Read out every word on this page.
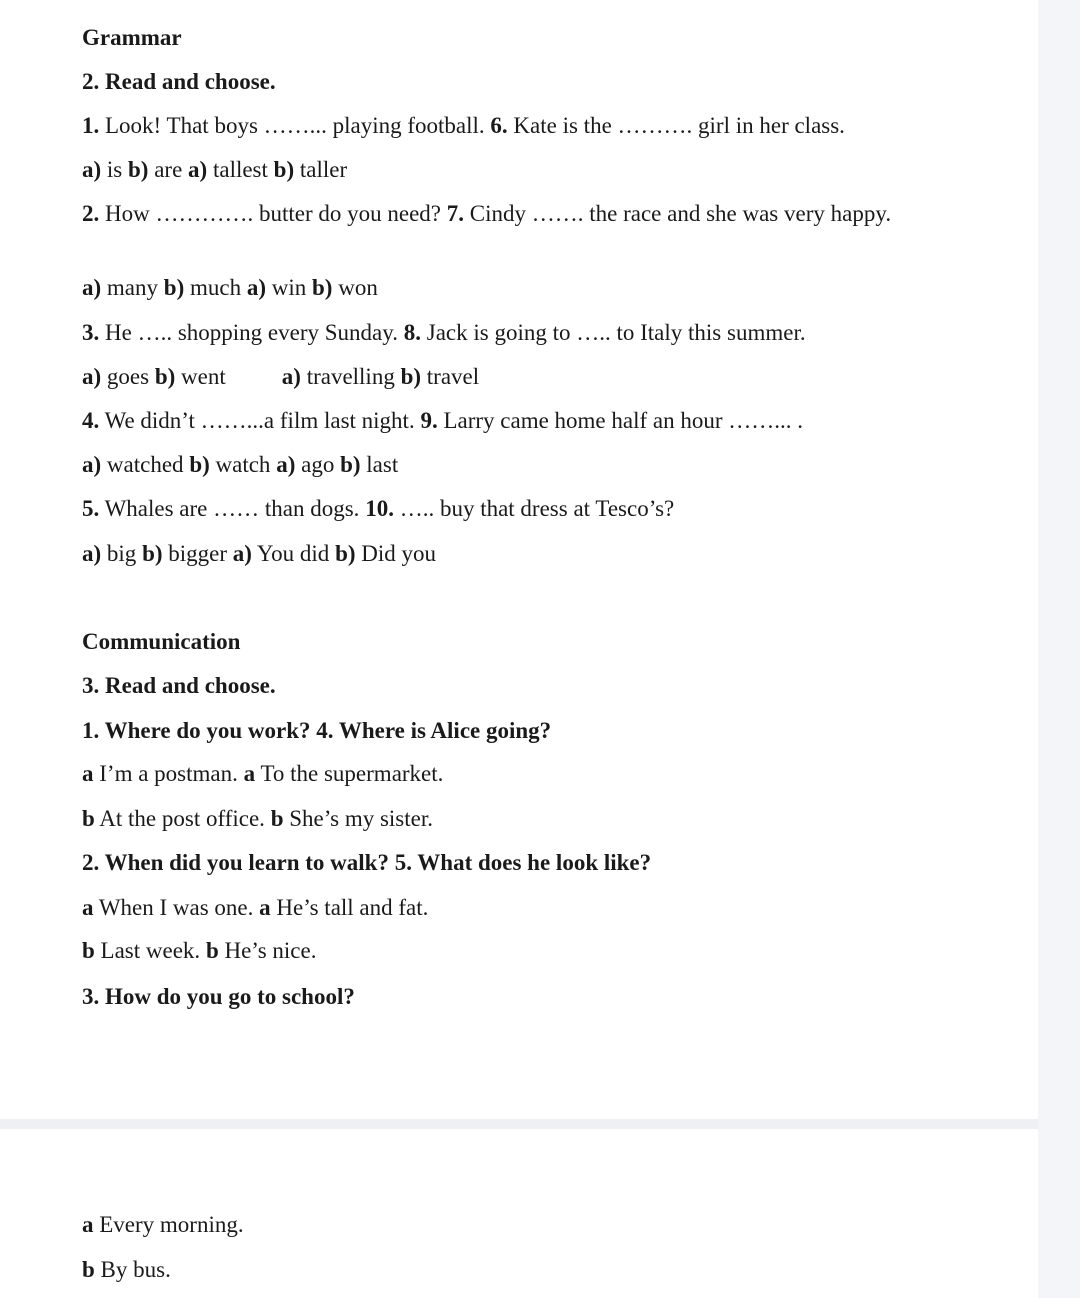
Grammar
2. Read and choose.
1. Look! That boys ……... playing football. 6. Kate is the ………. girl in her class.
a) is b) are a) tallest b) taller
2. How …………. butter do you need? 7. Cindy ……. the race and she was very happy.
a) many b) much a) win b) won
3. He ….. shopping every Sunday. 8. Jack is going to ….. to Italy this summer.
a) goes b) went a) travelling b) travel
4. We didn’t ……...a film last night. 9. Larry came home half an hour ……... .
a) watched b) watch a) ago b) last
5. Whales are …… than dogs. 10. ….. buy that dress at Tesco’s?
a) big b) bigger a) You did b) Did you
Communication
3. Read and choose.
1. Where do you work? 4. Where is Alice going?
a I’m a postman. a To the supermarket.
b At the post office. b She’s my sister.
2. When did you learn to walk? 5. What does he look like?
a When I was one. a He’s tall and fat.
b Last week. b He’s nice.
3. How do you go to school?
a Every morning.
b By bus.
